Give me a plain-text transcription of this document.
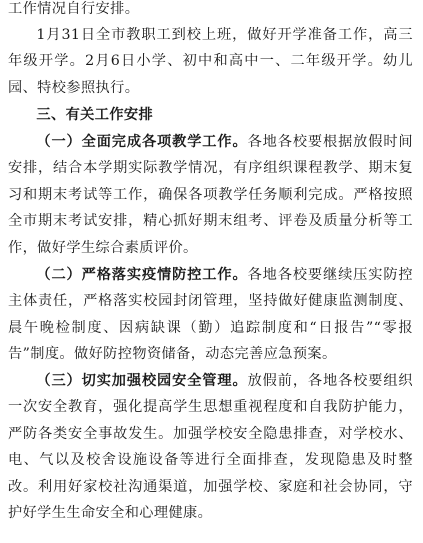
工作情况自行安排。

1月31日全市教职工到校上班，做好开学准备工作，高三年级开学。2月6日小学、初中和高中一、二年级开学。幼儿园、特校参照执行。

三、有关工作安排

（一）全面完成各项教学工作。各地各校要根据放假时间安排，结合本学期实际教学情况，有序组织课程教学、期末复习和期末考试等工作，确保各项教学任务顺利完成。严格按照全市期末考试安排，精心抓好期末组考、评卷及质量分析等工作，做好学生综合素质评价。

（二）严格落实疫情防控工作。各地各校要继续压实防控主体责任，严格落实校园封闭管理，坚持做好健康监测制度、晨午晚检制度、因病缺课（勤）追踪制度和“日报告”“零报告”制度。做好防控物资储备，动态完善应急预案。

（三）切实加强校园安全管理。放假前，各地各校要组织一次安全教育，强化提高学生思想重视程度和自我防护能力，严防各类安全事故发生。加强学校安全隐患排查，对学校水、电、气以及校舍设施设备等进行全面排查，发现隐患及时整改。利用好家校社沟通渠道，加强学校、家庭和社会协同，守护好学生生命安全和心理健康。
